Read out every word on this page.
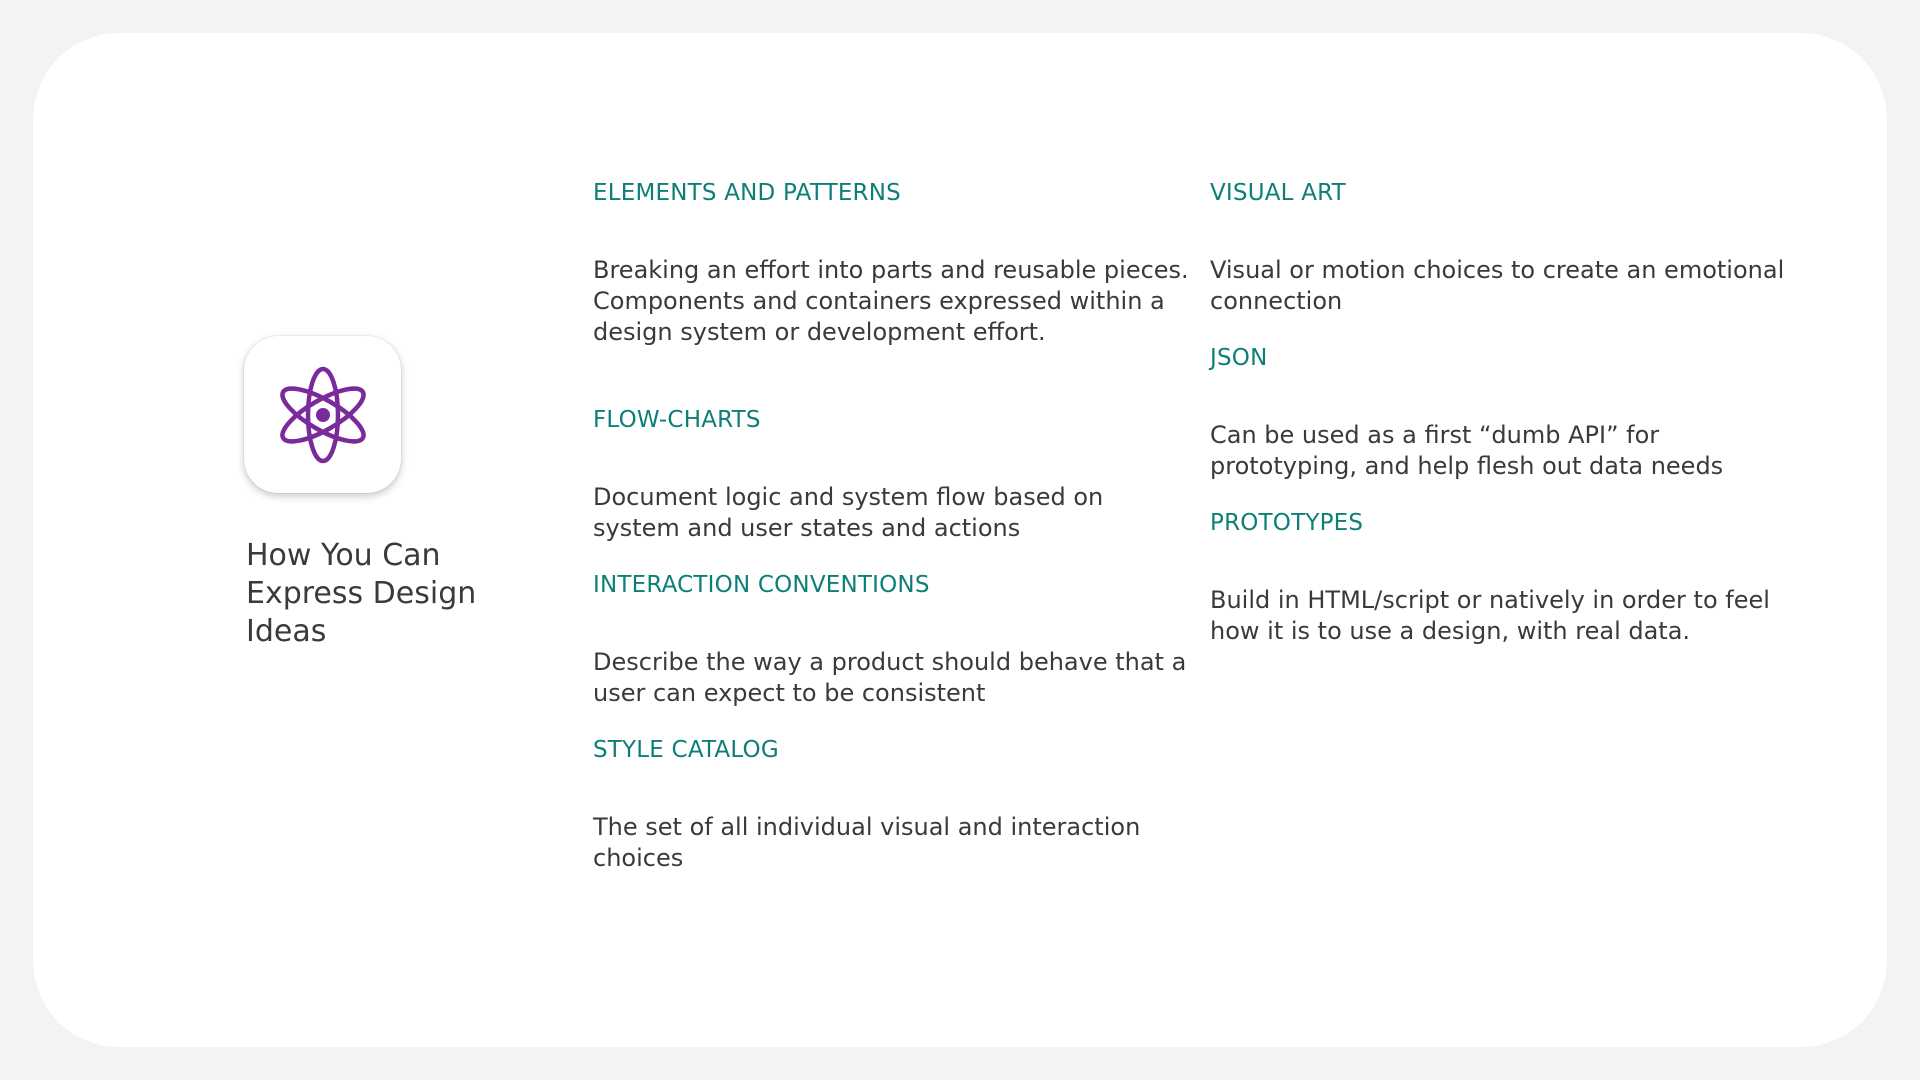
How You Can Express Design Ideas
ELEMENTS AND PATTERNS

Breaking an effort into parts and reusable pieces. Components and containers expressed within a design system or development effort.

FLOW-CHARTS

Document logic and system flow based on system and user states and actions

INTERACTION CONVENTIONS

Describe the way a product should behave that a user can expect to be consistent

STYLE CATALOG

The set of all individual visual and interaction choices

VISUAL ART

Visual or motion choices to create an emotional connection

JSON

Can be used as a first “dumb API” for prototyping, and help flesh out data needs

PROTOTYPES

Build in HTML/script or natively in order to feel how it is to use a design, with real data.
